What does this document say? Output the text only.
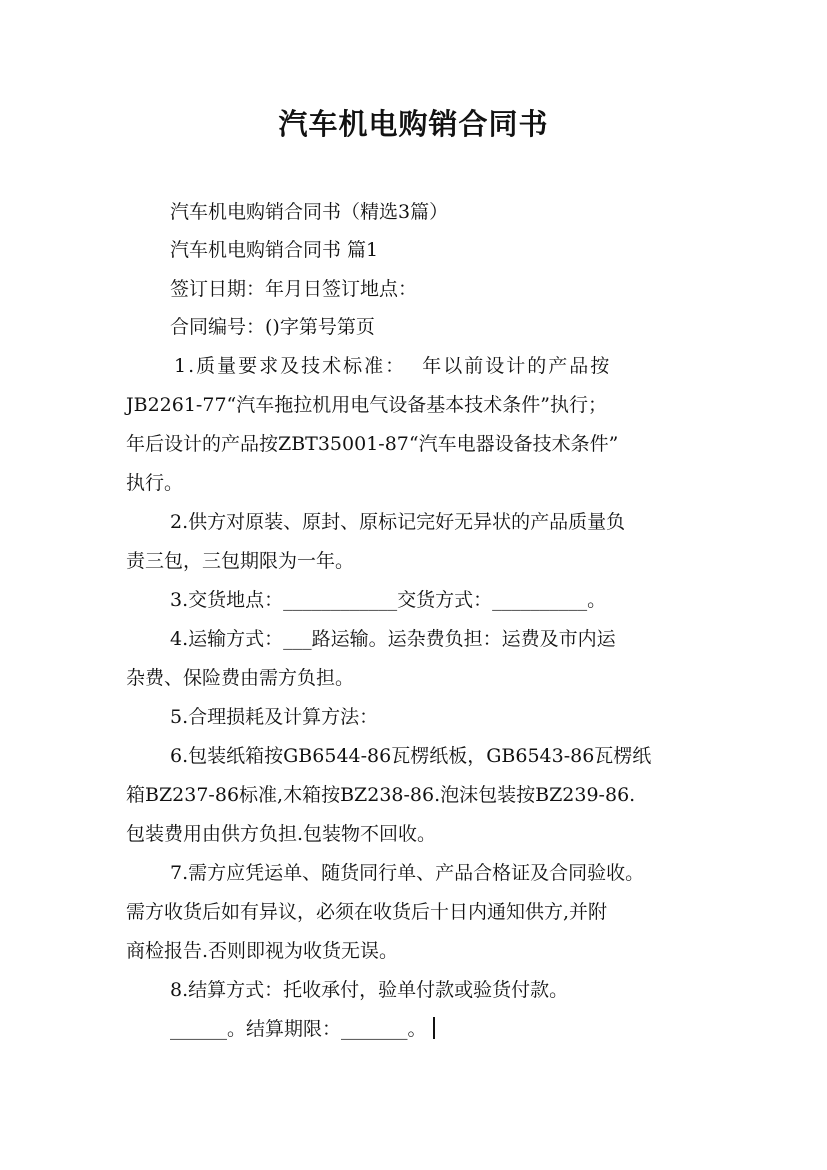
汽车机电购销合同书
汽车机电购销合同书（精选3篇）
汽车机电购销合同书 篇1
签订日期：年月日签订地点：
合同编号：()字第号第页
1.质量要求及技术标准：  年以前设计的产品按
JB2261-77“汽车拖拉机用电气设备基本技术条件”执行；
年后设计的产品按ZBT35001-87“汽车电器设备技术条件”
执行。
2.供方对原装、原封、原标记完好无异状的产品质量负
责三包，三包期限为一年。
3.交货地点：____________交货方式：__________。
4.运输方式：___路运输。运杂费负担：运费及市内运
杂费、保险费由需方负担。
5.合理损耗及计算方法：
6.包装纸箱按GB6544-86瓦楞纸板，GB6543-86瓦楞纸
箱BZ237-86标准,木箱按BZ238-86.泡沫包装按BZ239-86.
包装费用由供方负担.包装物不回收。
7.需方应凭运单、随货同行单、产品合格证及合同验收。
需方收货后如有异议，必须在收货后十日内通知供方,并附
商检报告.否则即视为收货无误。
8.结算方式：托收承付，验单付款或验货付款。
______。结算期限：_______。
